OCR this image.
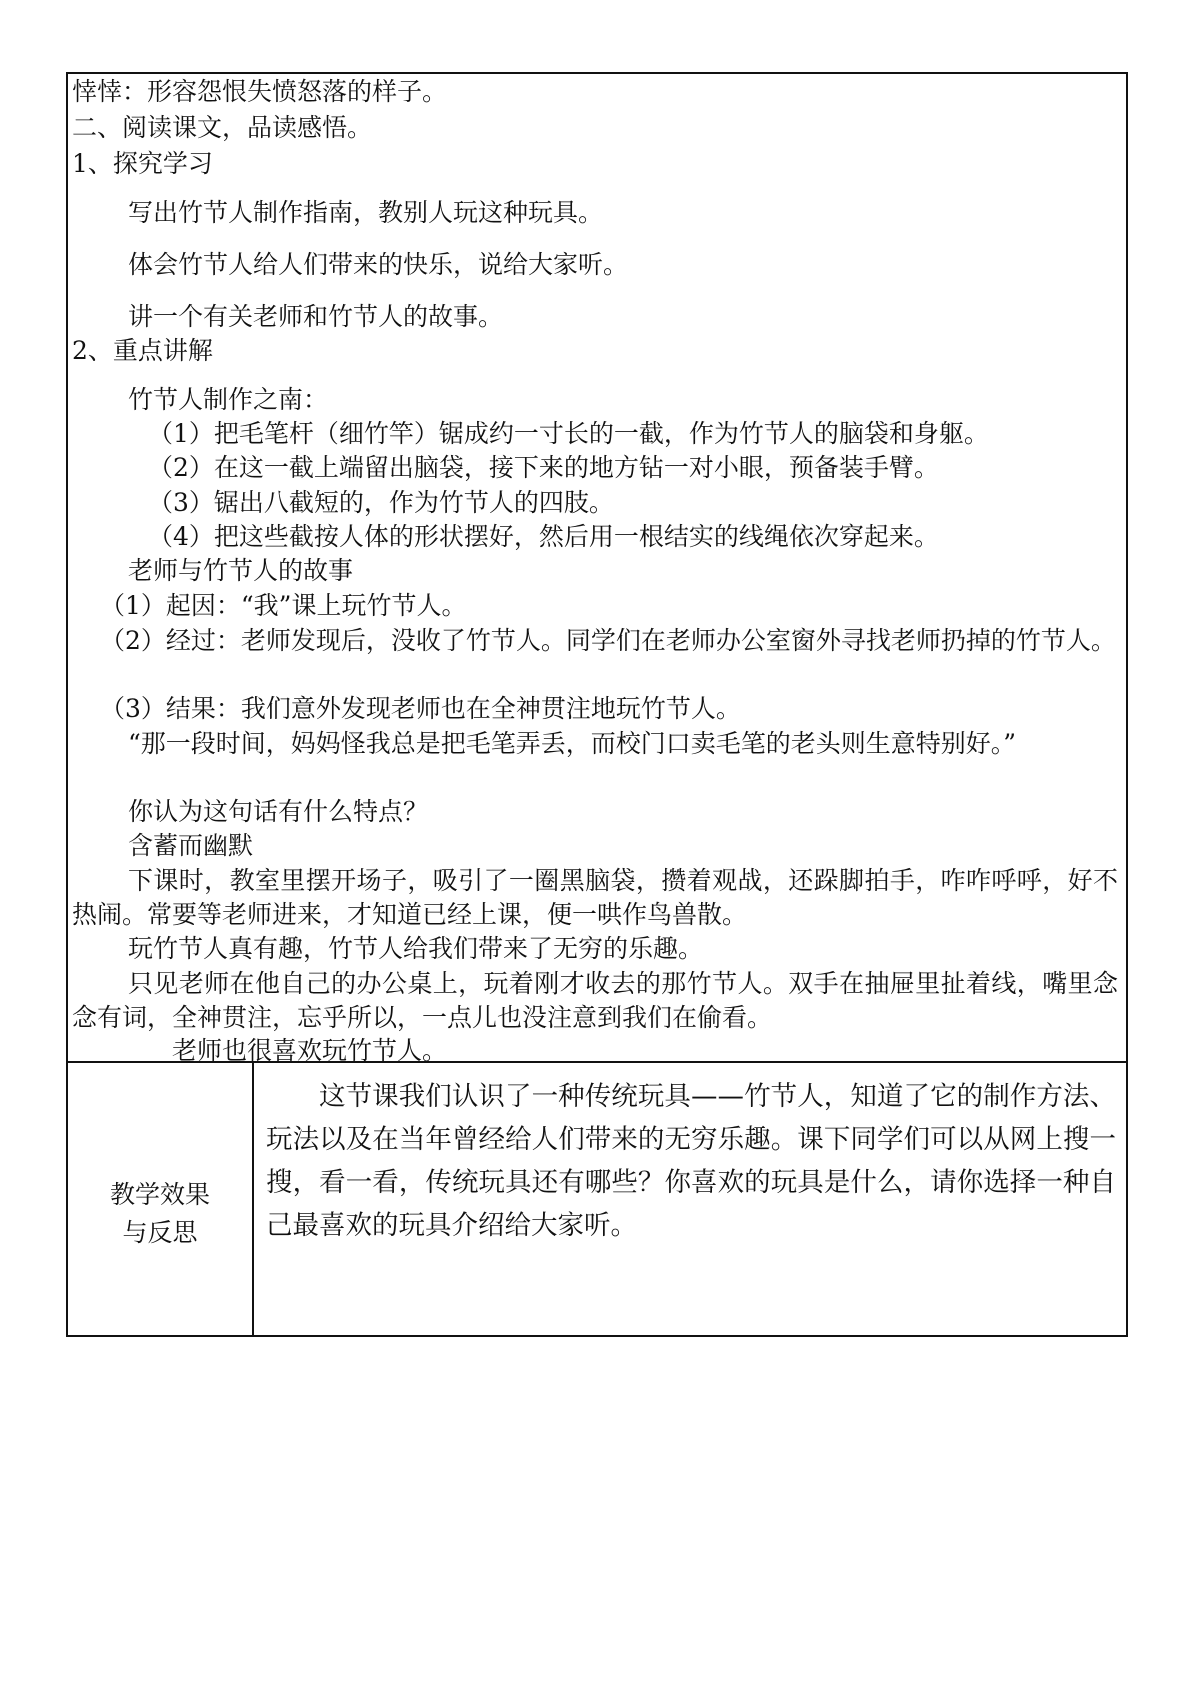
悻悻：形容怨恨失愤怒落的样子。
二、阅读课文，品读感悟。
1、探究学习
写出竹节人制作指南，教别人玩这种玩具。
体会竹节人给人们带来的快乐，说给大家听。
讲一个有关老师和竹节人的故事。
2、重点讲解
竹节人制作之南：
（1）把毛笔杆（细竹竿）锯成约一寸长的一截，作为竹节人的脑袋和身躯。
（2）在这一截上端留出脑袋，接下来的地方钻一对小眼，预备装手臂。
（3）锯出八截短的，作为竹节人的四肢。
（4）把这些截按人体的形状摆好，然后用一根结实的线绳依次穿起来。
老师与竹节人的故事
（1）起因：“我”课上玩竹节人。
（2）经过：老师发现后，没收了竹节人。同学们在老师办公室窗外寻找老师扔掉的竹节人。
（3）结果：我们意外发现老师也在全神贯注地玩竹节人。
“那一段时间，妈妈怪我总是把毛笔弄丢，而校门口卖毛笔的老头则生意特别好。”
你认为这句话有什么特点？
含蓄而幽默
下课时，教室里摆开场子，吸引了一圈黑脑袋，攒着观战，还跺脚拍手，咋咋呼呼，好不热闹。常要等老师进来，才知道已经上课，便一哄作鸟兽散。
玩竹节人真有趣，竹节人给我们带来了无穷的乐趣。
只见老师在他自己的办公桌上，玩着刚才收去的那竹节人。双手在抽屉里扯着线，嘴里念念有词，全神贯注，忘乎所以，一点儿也没注意到我们在偷看。
老师也很喜欢玩竹节人。
教学效果
与反思
这节课我们认识了一种传统玩具——竹节人，知道了它的制作方法、玩法以及在当年曾经给人们带来的无穷乐趣。课下同学们可以从网上搜一搜，看一看，传统玩具还有哪些？你喜欢的玩具是什么，请你选择一种自己最喜欢的玩具介绍给大家听。
